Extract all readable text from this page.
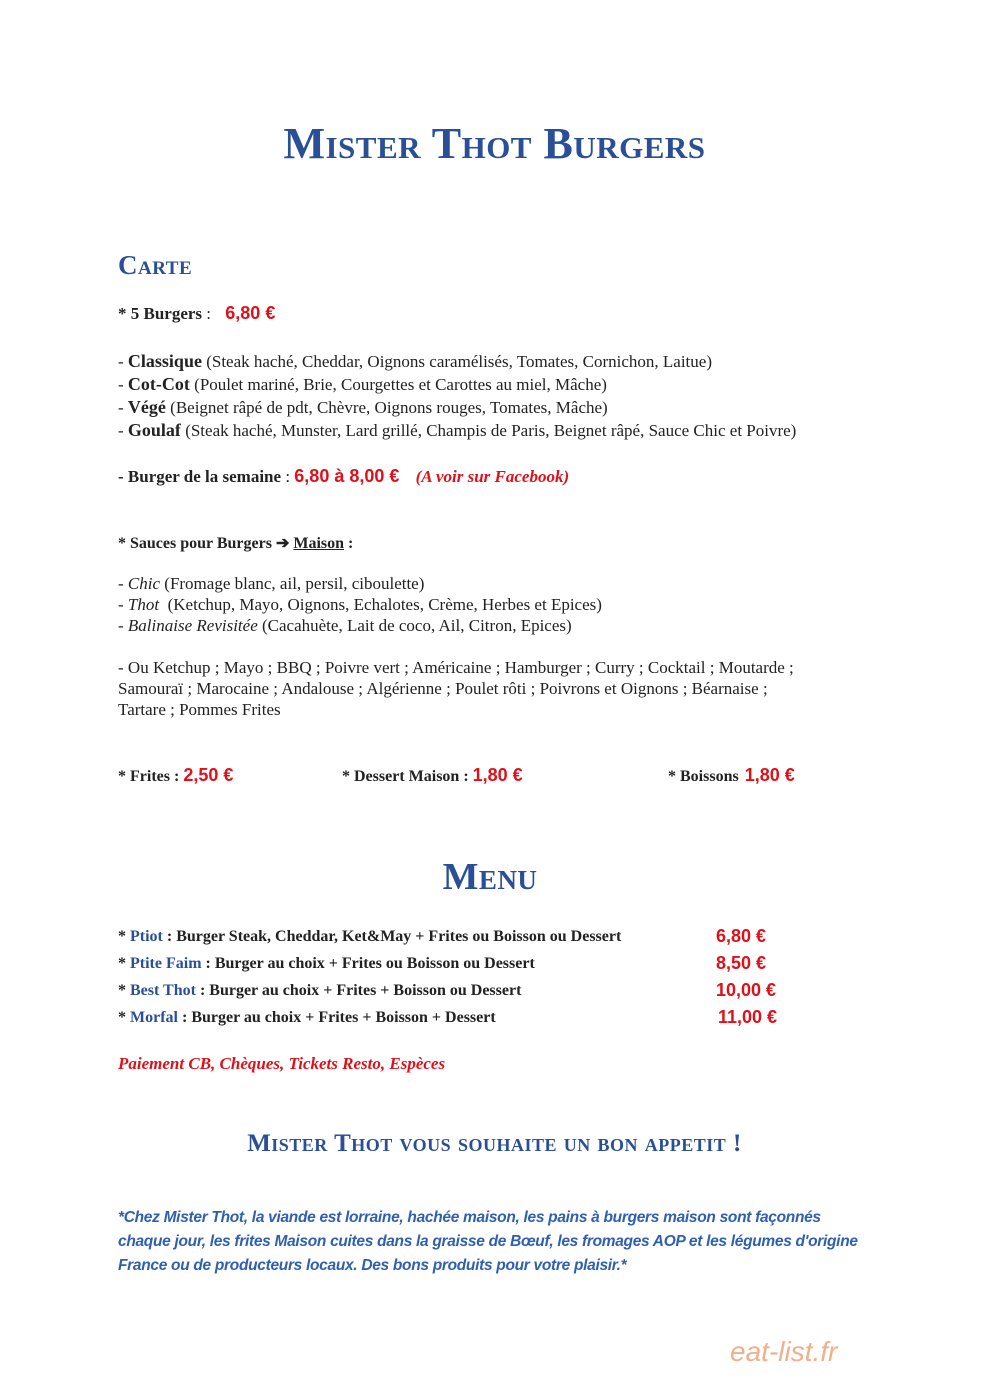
Mister Thot Burgers
Carte
* 5 Burgers : 6,80 €
- Classique (Steak haché, Cheddar, Oignons caramélisés, Tomates, Cornichon, Laitue)
- Cot-Cot (Poulet mariné, Brie, Courgettes et Carottes au miel, Mâche)
- Végé (Beignet râpé de pdt, Chèvre, Oignons rouges, Tomates, Mâche)
- Goulaf (Steak haché, Munster, Lard grillé, Champis de Paris, Beignet râpé, Sauce Chic et Poivre)
- Burger de la semaine : 6,80 à 8,00 € (A voir sur Facebook)
* Sauces pour Burgers ➔ Maison :
- Chic (Fromage blanc, ail, persil, ciboulette)
- Thot  (Ketchup, Mayo, Oignons, Echalotes, Crème, Herbes et Epices)
- Balinaise Revisitée (Cacahuète, Lait de coco, Ail, Citron, Epices)
- Ou Ketchup ; Mayo ; BBQ ; Poivre vert ; Américaine ; Hamburger ; Curry ; Cocktail ; Moutarde ;
Samouraï ; Marocaine ; Andalouse ; Algérienne ; Poulet rôti ; Poivrons et Oignons ; Béarnaise ;
Tartare ; Pommes Frites
* Frites : 2,50 €	* Dessert Maison : 1,80 €	* Boissons 1,80 €
Menu
* Ptiot : Burger Steak, Cheddar, Ket&May + Frites ou Boisson ou Dessert	6,80 €
* Ptite Faim : Burger au choix + Frites ou Boisson ou Dessert	8,50 €
* Best Thot : Burger au choix + Frites + Boisson ou Dessert	10,00 €
* Morfal : Burger au choix + Frites + Boisson + Dessert	11,00 €
Paiement CB, Chèques, Tickets Resto, Espèces
Mister Thot vous souhaite un bon appetit !
*Chez Mister Thot, la viande est lorraine, hachée maison, les pains à burgers maison sont façonnés
chaque jour, les frites Maison cuites dans la graisse de Bœuf, les fromages AOP et les légumes d'origine
France ou de producteurs locaux. Des bons produits pour votre plaisir.*
eat-list.fr
